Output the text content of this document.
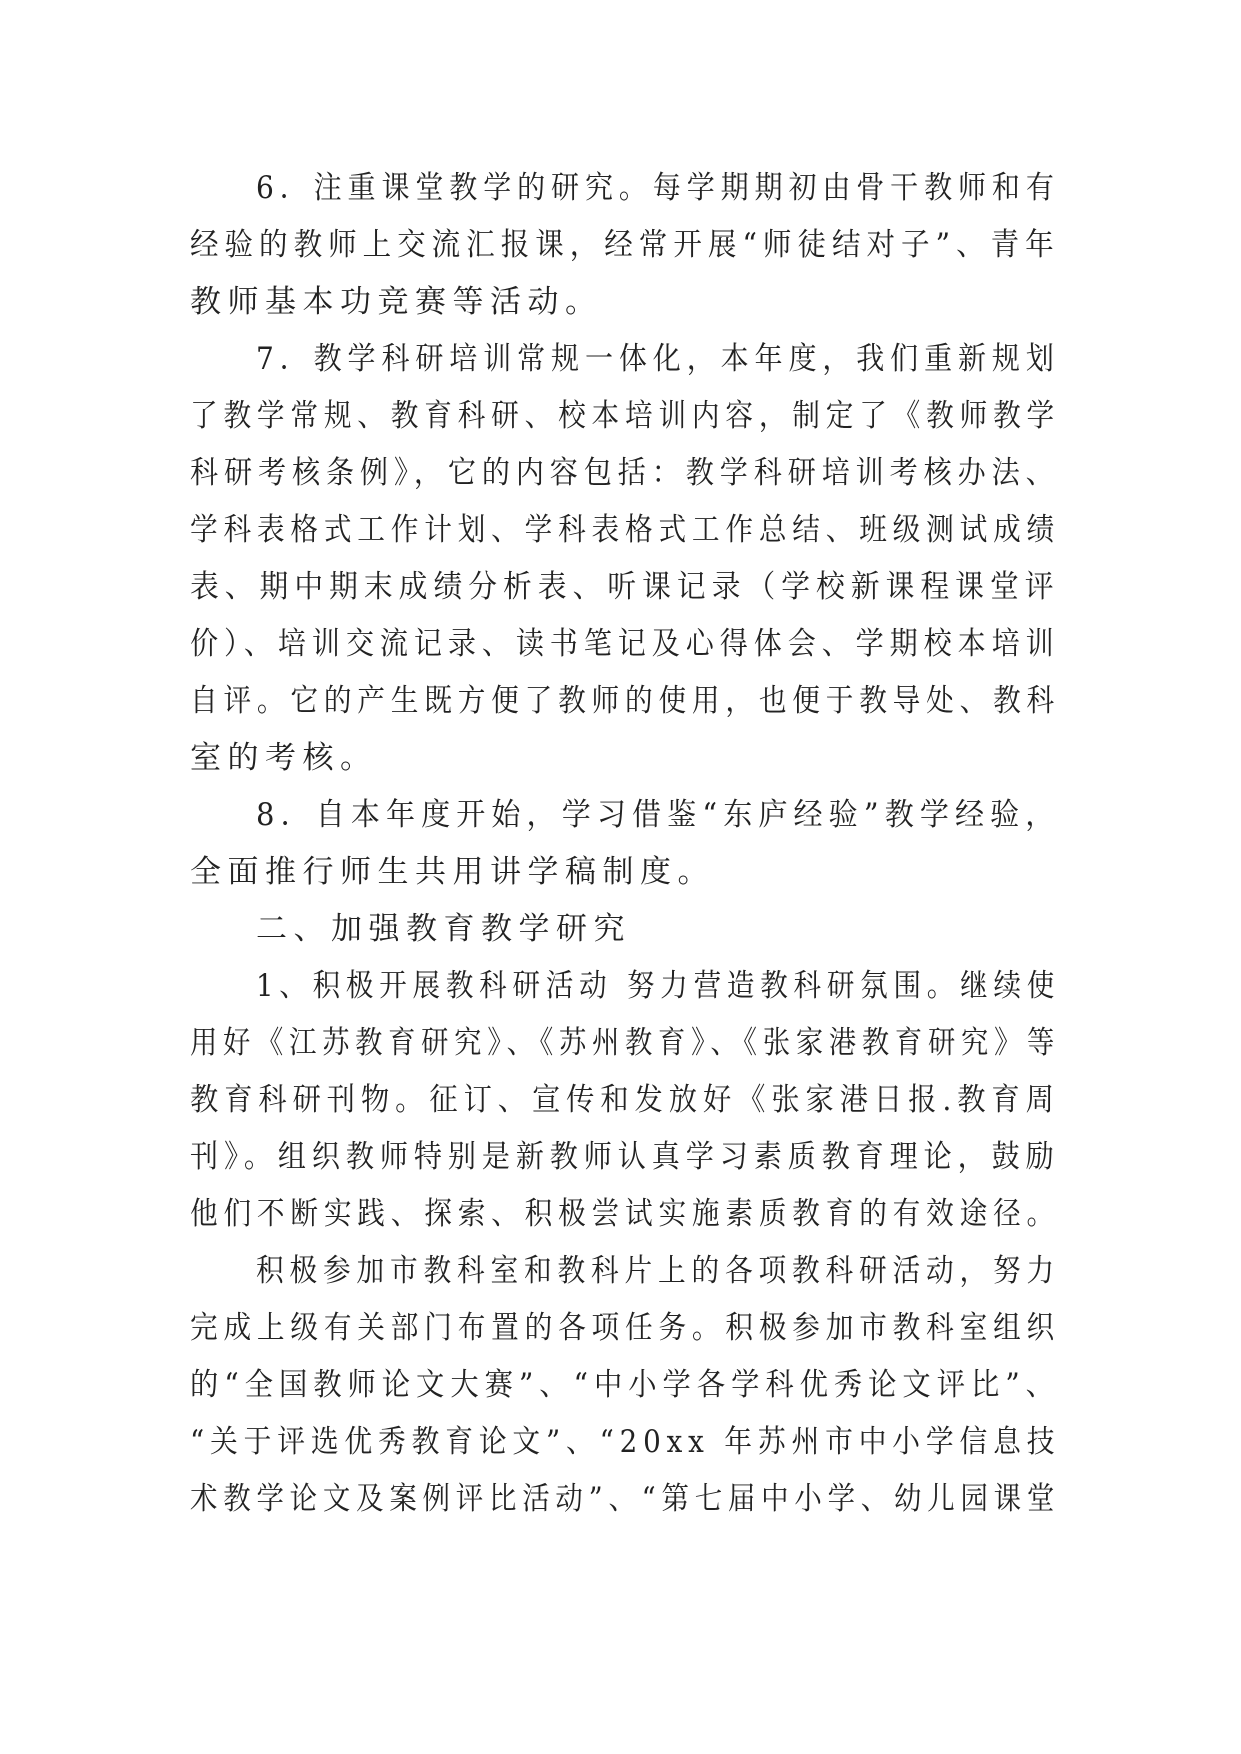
6．注重课堂教学的研究。每学期期初由骨干教师和有
经验的教师上交流汇报课，经常开展“师徒结对子”、青年
教师基本功竞赛等活动。
7．教学科研培训常规一体化，本年度，我们重新规划
了教学常规、教育科研、校本培训内容，制定了《教师教学
科研考核条例》，它的内容包括：教学科研培训考核办法、
学科表格式工作计划、学科表格式工作总结、班级测试成绩
表、期中期末成绩分析表、听课记录（学校新课程课堂评
价）、培训交流记录、读书笔记及心得体会、学期校本培训
自评。它的产生既方便了教师的使用，也便于教导处、教科
室的考核。
8．自本年度开始，学习借鉴“东庐经验”教学经验，
全面推行师生共用讲学稿制度。
二、加强教育教学研究
1、积极开展教科研活动 努力营造教科研氛围。继续使
用好《江苏教育研究》、《苏州教育》、《张家港教育研究》等
教育科研刊物。征订、宣传和发放好《张家港日报.教育周
刊》。组织教师特别是新教师认真学习素质教育理论，鼓励
他们不断实践、探索、积极尝试实施素质教育的有效途径。
积极参加市教科室和教科片上的各项教科研活动，努力
完成上级有关部门布置的各项任务。积极参加市教科室组织
的“全国教师论文大赛”、“中小学各学科优秀论文评比”、
“关于评选优秀教育论文”、“20xx 年苏州市中小学信息技
术教学论文及案例评比活动”、“第七届中小学、幼儿园课堂
